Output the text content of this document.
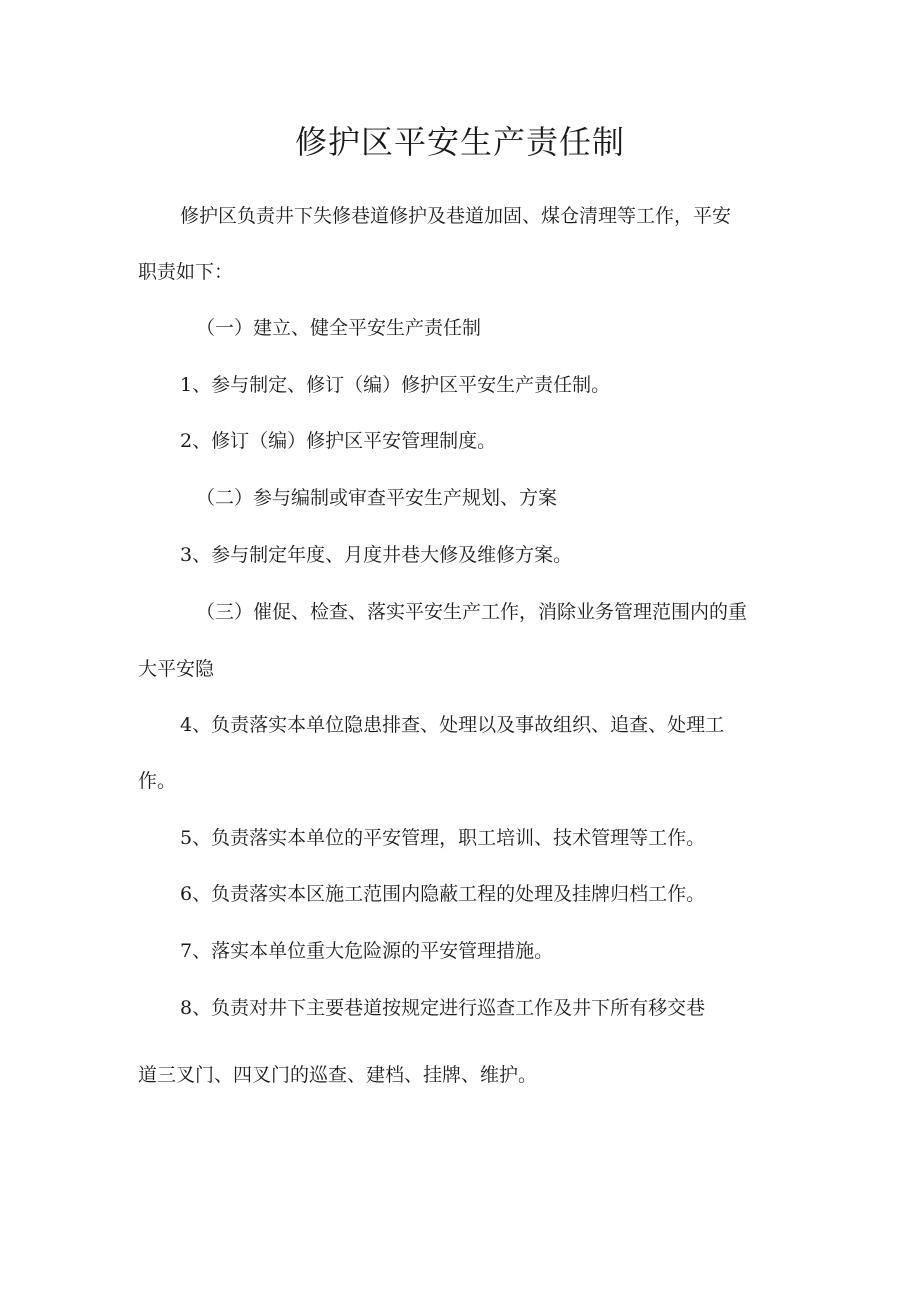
修护区平安生产责任制
修护区负责井下失修巷道修护及巷道加固、煤仓清理等工作，平安
职责如下：
（一）建立、健全平安生产责任制
1、参与制定、修订（编）修护区平安生产责任制。
2、修订（编）修护区平安管理制度。
（二）参与编制或审查平安生产规划、方案
3、参与制定年度、月度井巷大修及维修方案。
（三）催促、检查、落实平安生产工作，消除业务管理范围内的重
大平安隐
4、负责落实本单位隐患排查、处理以及事故组织、追查、处理工
作。
5、负责落实本单位的平安管理，职工培训、技术管理等工作。
6、负责落实本区施工范围内隐蔽工程的处理及挂牌归档工作。
7、落实本单位重大危险源的平安管理措施。
8、负责对井下主要巷道按规定进行巡查工作及井下所有移交巷
道三叉门、四叉门的巡查、建档、挂牌、维护。
